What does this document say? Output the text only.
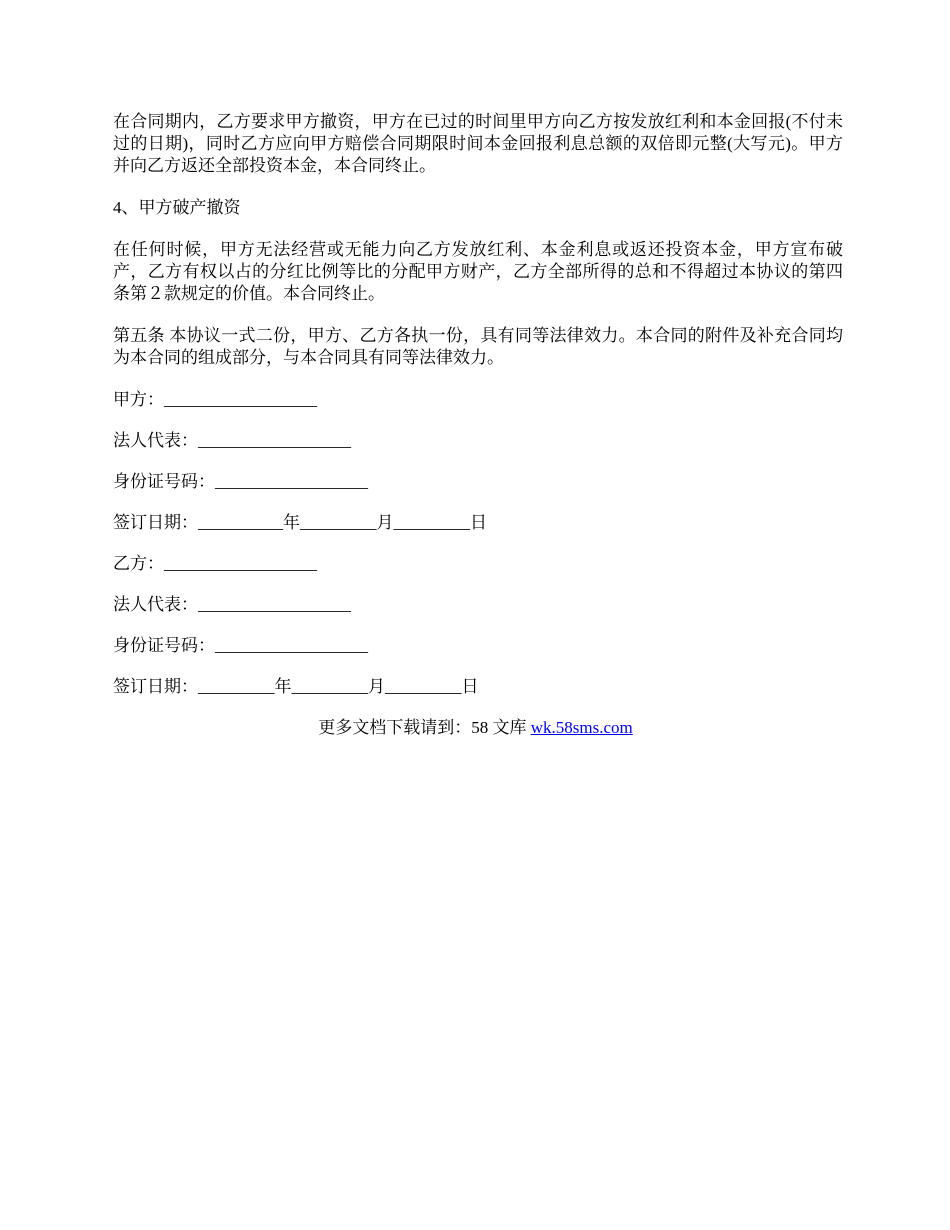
在合同期内，乙方要求甲方撤资，甲方在已过的时间里甲方向乙方按发放红利和本金回报(不付未过的日期)，同时乙方应向甲方赔偿合同期限时间本金回报利息总额的双倍即元整(大写元)。甲方并向乙方返还全部投资本金，本合同终止。

4、甲方破产撤资

在任何时候，甲方无法经营或无能力向乙方发放红利、本金利息或返还投资本金，甲方宣布破产，乙方有权以占的分红比例等比的分配甲方财产，乙方全部所得的总和不得超过本协议的第四条第２款规定的价值。本合同终止。

第五条 本协议一式二份，甲方、乙方各执一份，具有同等法律效力。本合同的附件及补充合同均为本合同的组成部分，与本合同具有同等法律效力。

甲方：__________________
法人代表：__________________
身份证号码：__________________
签订日期：__________年_________月_________日
乙方：__________________
法人代表：__________________
身份证号码：__________________
签订日期：_________年_________月_________日
更多文档下载请到：58 文库 wk.58sms.com
